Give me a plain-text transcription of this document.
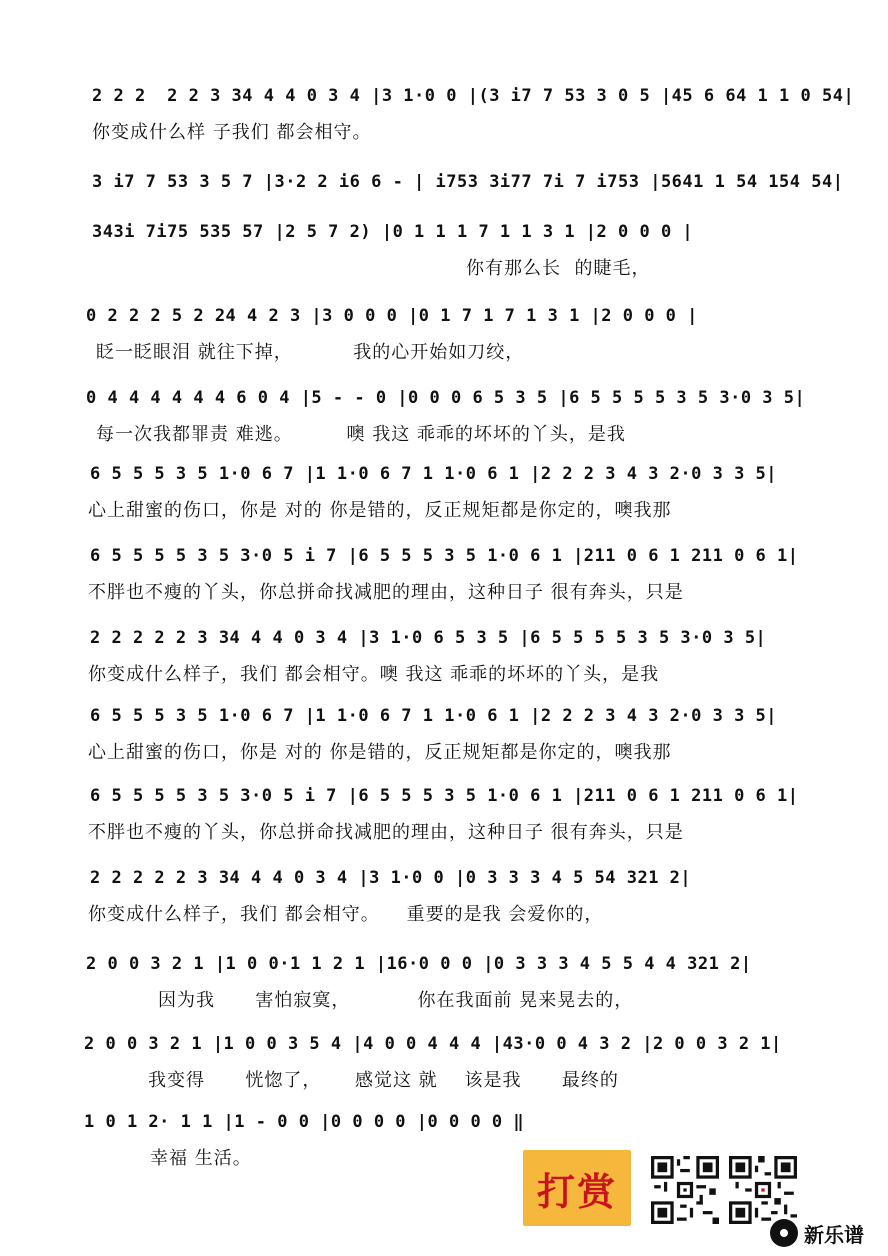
2 2 2  2 2 3 34 4 4 0 3 4 |3 1·0 0 |(3 i7 7 53 3 0 5 |45 6 64 1 1 0 54|
你变成什么样 子我们 都会相守。
3 i7 7 53 3 5 7 |3·2 2 i6 6 - | i753 3i77 7i 7 i753 |5641 1 54 154 54|
343i 7i75 535 57 |2 5 7 2) |0 1 1 1 7 1 1 3 1 |2 0 0 0 |
你有那么长  的睫毛，
0 2 2 2 5 2 24 4 2 3 |3 0 0 0 |0 1 7 1 7 1 3 1 |2 0 0 0 |
眨一眨眼泪 就往下掉，         我的心开始如刀绞，
0 4 4 4 4 4 4 6 0 4 |5 - - 0 |0 0 0 6 5 3 5 |6 5 5 5 5 3 5 3·0 3 5|
每一次我都罪责 难逃。        噢 我这 乖乖的坏坏的丫头，是我
6 5 5 5 3 5 1·0 6 7 |1 1·0 6 7 1 1·0 6 1 |2 2 2 3 4 3 2·0 3 3 5|
心上甜蜜的伤口，你是 对的 你是错的，反正规矩都是你定的，噢我那
6 5 5 5 5 3 5 3·0 5 i 7 |6 5 5 5 3 5 1·0 6 1 |211 0 6 1 211 0 6 1|
不胖也不瘦的丫头，你总拼命找减肥的理由，这种日子 很有奔头，只是
2 2 2 2 2 3 34 4 4 0 3 4 |3 1·0 6 5 3 5 |6 5 5 5 5 3 5 3·0 3 5|
你变成什么样子，我们 都会相守。噢 我这 乖乖的坏坏的丫头，是我
6 5 5 5 3 5 1·0 6 7 |1 1·0 6 7 1 1·0 6 1 |2 2 2 3 4 3 2·0 3 3 5|
心上甜蜜的伤口，你是 对的 你是错的，反正规矩都是你定的，噢我那
6 5 5 5 5 3 5 3·0 5 i 7 |6 5 5 5 3 5 1·0 6 1 |211 0 6 1 211 0 6 1|
不胖也不瘦的丫头，你总拼命找减肥的理由，这种日子 很有奔头，只是
2 2 2 2 2 3 34 4 4 0 3 4 |3 1·0 0 |0 3 3 3 4 5 54 321 2|
你变成什么样子，我们 都会相守。    重要的是我 会爱你的，
2 0 0 3 2 1 |1 0 0·1 1 2 1 |16·0 0 0 |0 3 3 3 4 5 5 4 4 321 2|
因为我      害怕寂寞，          你在我面前 晃来晃去的，
2 0 0 3 2 1 |1 0 0 3 5 4 |4 0 0 4 4 4 |43·0 0 4 3 2 |2 0 0 3 2 1|
我变得      恍惚了，     感觉这 就    该是我      最终的
1 0 1 2· 1 1 |1 - 0 0 |0 0 0 0 |0 0 0 0 ‖
幸福 生活。
打赏
新乐谱
